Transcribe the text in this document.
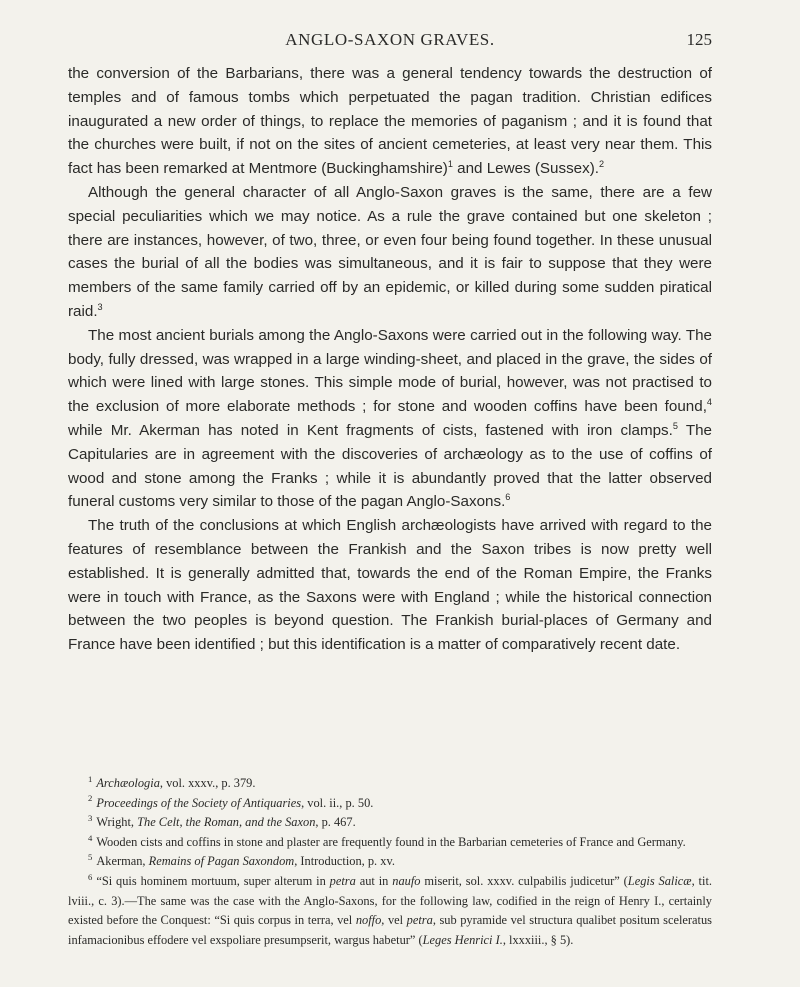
ANGLO-SAXON GRAVES.	125

the conversion of the Barbarians, there was a general tendency towards the destruction of temples and of famous tombs which perpetuated the pagan tradition. Christian edifices inaugurated a new order of things, to replace the memories of paganism ; and it is found that the churches were built, if not on the sites of ancient cemeteries, at least very near them. This fact has been remarked at Mentmore (Buckinghamshire)$^1$ and Lewes (Sussex).$^2$

Although the general character of all Anglo-Saxon graves is the same, there are a few special peculiarities which we may notice. As a rule the grave contained but one skeleton ; there are instances, however, of two, three, or even four being found together. In these unusual cases the burial of all the bodies was simultaneous, and it is fair to suppose that they were members of the same family carried off by an epidemic, or killed during some sudden piratical raid.$^3$

The most ancient burials among the Anglo-Saxons were carried out in the following way. The body, fully dressed, was wrapped in a large winding-sheet, and placed in the grave, the sides of which were lined with large stones. This simple mode of burial, however, was not practised to the exclusion of more elaborate methods ; for stone and wooden coffins have been found,$^4$ while Mr. Akerman has noted in Kent fragments of cists, fastened with iron clamps.$^5$ The Capitularies are in agreement with the discoveries of archæology as to the use of coffins of wood and stone among the Franks ; while it is abundantly proved that the latter observed funeral customs very similar to those of the pagan Anglo-Saxons.$^6$

The truth of the conclusions at which English archæologists have arrived with regard to the features of resemblance between the Frankish and the Saxon tribes is now pretty well established. It is generally admitted that, towards the end of the Roman Empire, the Franks were in touch with France, as the Saxons were with England ; while the historical connection between the two peoples is beyond question. The Frankish burial-places of Germany and France have been identified ; but this identification is a matter of comparatively recent date.

$^1$ Archæologia, vol. xxxv., p. 379.

$^2$ Proceedings of the Society of Antiquaries, vol. ii., p. 50.

$^3$ Wright, The Celt, the Roman, and the Saxon, p. 467.

$^4$ Wooden cists and coffins in stone and plaster are frequently found in the Barbarian cemeteries of France and Germany.

$^5$ Akerman, Remains of Pagan Saxondom, Introduction, p. xv.

$^6$ “Si quis hominem mortuum, super alterum in petra aut in naufo miserit, sol. xxxv. culpabilis judicetur” (Legis Salicæ, tit. lviii., c. 3).—The same was the case with the Anglo-Saxons, for the following law, codified in the reign of Henry I., certainly existed before the Conquest: “Si quis corpus in terra, vel noffo, vel petra, sub pyramide vel structura qualibet positum sceleratus infamacionibus effodere vel exspoliare presumpserit, wargus habetur” (Leges Henrici I., lxxxiii., § 5).
